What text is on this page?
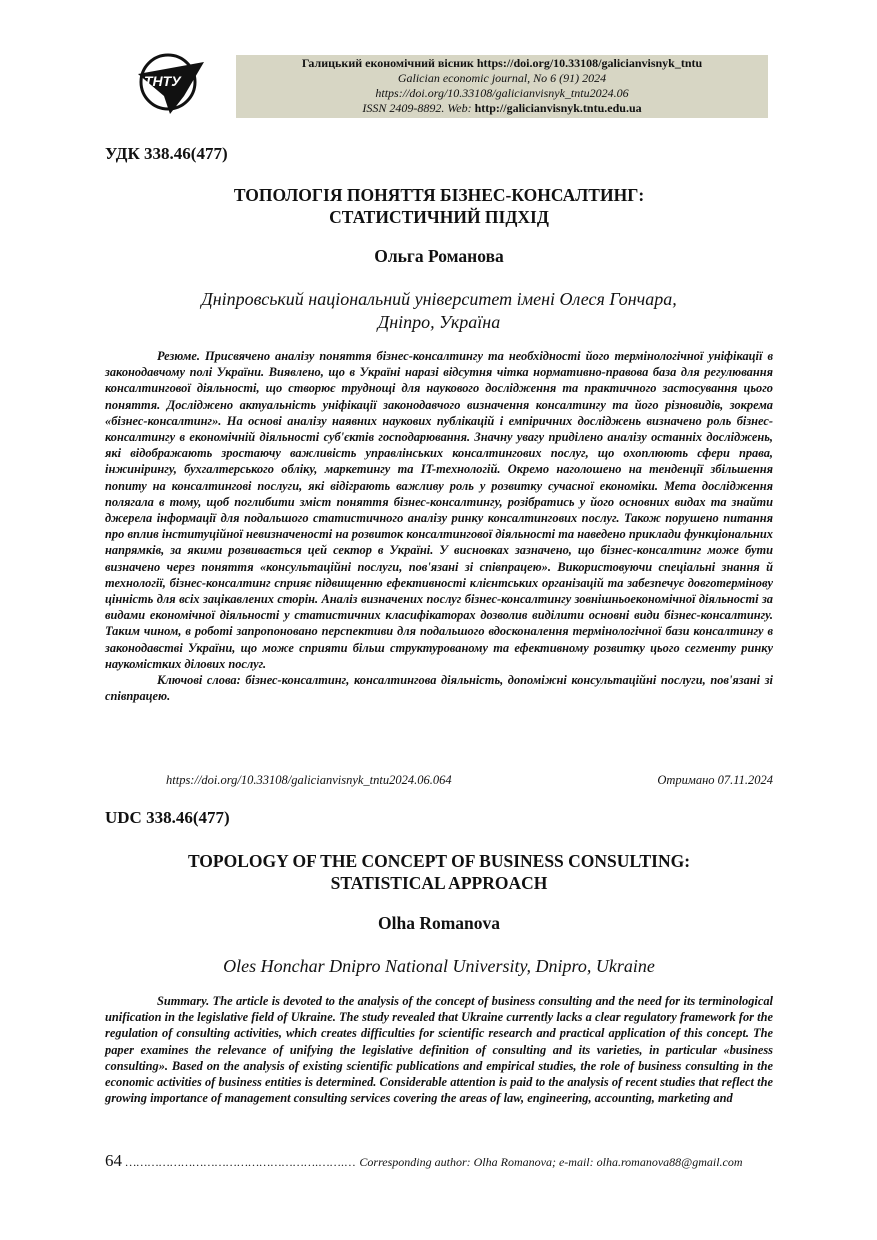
ТНТУ
Галицький економічний вісник https://doi.org/10.33108/galicianvisnyk_tntu
Galician economic journal, No 6 (91) 2024
https://doi.org/10.33108/galicianvisnyk_tntu2024.06
ISSN 2409-8892. Web: http://galicianvisnyk.tntu.edu.ua
УДК 338.46(477)
ТОПОЛОГІЯ ПОНЯТТЯ БІЗНЕС-КОНСАЛТИНГ:
СТАТИСТИЧНИЙ ПІДХІД
Ольга Романова
Дніпровський національний університет імені Олеся Гончара,
Дніпро, Україна

Резюме. Присвячено аналізу поняття бізнес-консалтингу та необхідності його термінологічної уніфікації в законодавчому полі України. Виявлено, що в Україні наразі відсутня чітка нормативно-правова база для регулювання консалтингової діяльності, що створює труднощі для наукового дослідження та практичного застосування цього поняття. Досліджено актуальність уніфікації законодавчого визначення консалтингу та його різновидів, зокрема «бізнес-консалтинг». На основі аналізу наявних наукових публікацій і емпіричних досліджень визначено роль бізнес-консалтингу в економічній діяльності суб'єктів господарювання. Значну увагу приділено аналізу останніх досліджень, які відображають зростаючу важливість управлінських консалтингових послуг, що охоплюють сфери права, інжинірингу, бухгалтерського обліку, маркетингу та IT-технологій. Окремо наголошено на тенденції збільшення попиту на консалтингові послуги, які відіграють важливу роль у розвитку сучасної економіки. Мета дослідження полягала в тому, щоб поглибити зміст поняття бізнес-консалтингу, розібратись у його основних видах та знайти джерела інформації для подальшого статистичного аналізу ринку консалтингових послуг. Також порушено питання про вплив інституційної невизначеності на розвиток консалтингової діяльності та наведено приклади функціональних напрямків, за якими розвивається цей сектор в Україні. У висновках зазначено, що бізнес-консалтинг може бути визначено через поняття «консультаційні послуги, пов'язані зі співпрацею». Використовуючи спеціальні знання й технології, бізнес-консалтинг сприяє підвищенню ефективності клієнтських організацій та забезпечує довготермінову цінність для всіх зацікавлених сторін. Аналіз визначених послуг бізнес-консалтингу зовнішньоекономічної діяльності за видами економічної діяльності у статистичних класифікаторах дозволив виділити основні види бізнес-консалтингу. Таким чином, в роботі запропоновано перспективи для подальшого вдосконалення термінологічної бази консалтингу в законодавстві України, що може сприяти більш структурованому та ефективному розвитку цього сегменту ринку наукомістких ділових послуг.

Ключові слова: бізнес-консалтинг, консалтингова діяльність, допоміжні консультаційні послуги, пов'язані зі співпрацею.

https://doi.org/10.33108/galicianvisnyk_tntu2024.06.064	Отримано 07.11.2024
UDC 338.46(477)
TOPOLOGY OF THE CONCEPT OF BUSINESS CONSULTING:
STATISTICAL APPROACH
Olha Romanova
Oles Honchar Dnipro National University, Dnipro, Ukraine

Summary. The article is devoted to the analysis of the concept of business consulting and the need for its terminological unification in the legislative field of Ukraine. The study revealed that Ukraine currently lacks a clear regulatory framework for the regulation of consulting activities, which creates difficulties for scientific research and practical application of this concept. The paper examines the relevance of unifying the legislative definition of consulting and its varieties, in particular «business consulting». Based on the analysis of existing scientific publications and empirical studies, the role of business consulting in the economic activities of business entities is determined. Considerable attention is paid to the analysis of recent studies that reflect the growing importance of management consulting services covering the areas of law, engineering, accounting, marketing and

64 …………………………………………….…….… Corresponding author: Olha Romanova; e-mail: olha.romanova88@gmail.com
